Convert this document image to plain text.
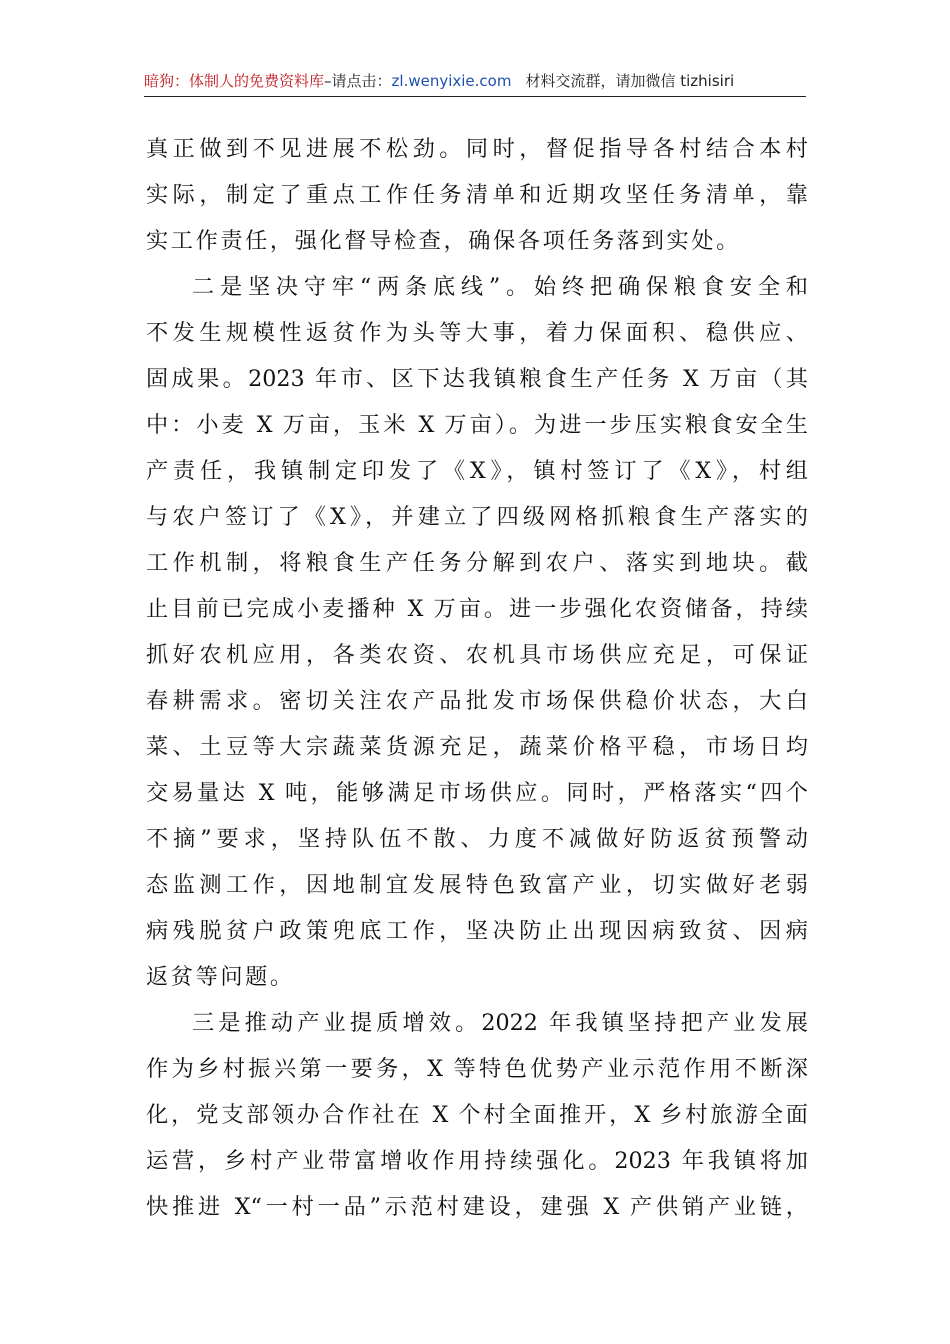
暗狗：体制人的免费资料库–请点击：zl.wenyixie.com 材料交流群，请加微信 tizhisiri
真正做到不见进展不松劲。同时，督促指导各村结合本村
实际，制定了重点工作任务清单和近期攻坚任务清单，靠
实工作责任，强化督导检查，确保各项任务落到实处。
二是坚决守牢“两条底线”。始终把确保粮食安全和
不发生规模性返贫作为头等大事，着力保面积、稳供应、
固成果。2023 年市、区下达我镇粮食生产任务 X 万亩（其
中：小麦 X 万亩，玉米 X 万亩）。为进一步压实粮食安全生
产责任，我镇制定印发了《X》，镇村签订了《X》，村组
与农户签订了《X》，并建立了四级网格抓粮食生产落实的
工作机制，将粮食生产任务分解到农户、落实到地块。截
止目前已完成小麦播种 X 万亩。进一步强化农资储备，持续
抓好农机应用，各类农资、农机具市场供应充足，可保证
春耕需求。密切关注农产品批发市场保供稳价状态，大白
菜、土豆等大宗蔬菜货源充足，蔬菜价格平稳，市场日均
交易量达 X 吨，能够满足市场供应。同时，严格落实“四个
不摘”要求，坚持队伍不散、力度不减做好防返贫预警动
态监测工作，因地制宜发展特色致富产业，切实做好老弱
病残脱贫户政策兜底工作，坚决防止出现因病致贫、因病
返贫等问题。
三是推动产业提质增效。2022 年我镇坚持把产业发展
作为乡村振兴第一要务，X 等特色优势产业示范作用不断深
化，党支部领办合作社在 X 个村全面推开，X 乡村旅游全面
运营，乡村产业带富增收作用持续强化。2023 年我镇将加
快推进 X“一村一品”示范村建设，建强 X 产供销产业链，
